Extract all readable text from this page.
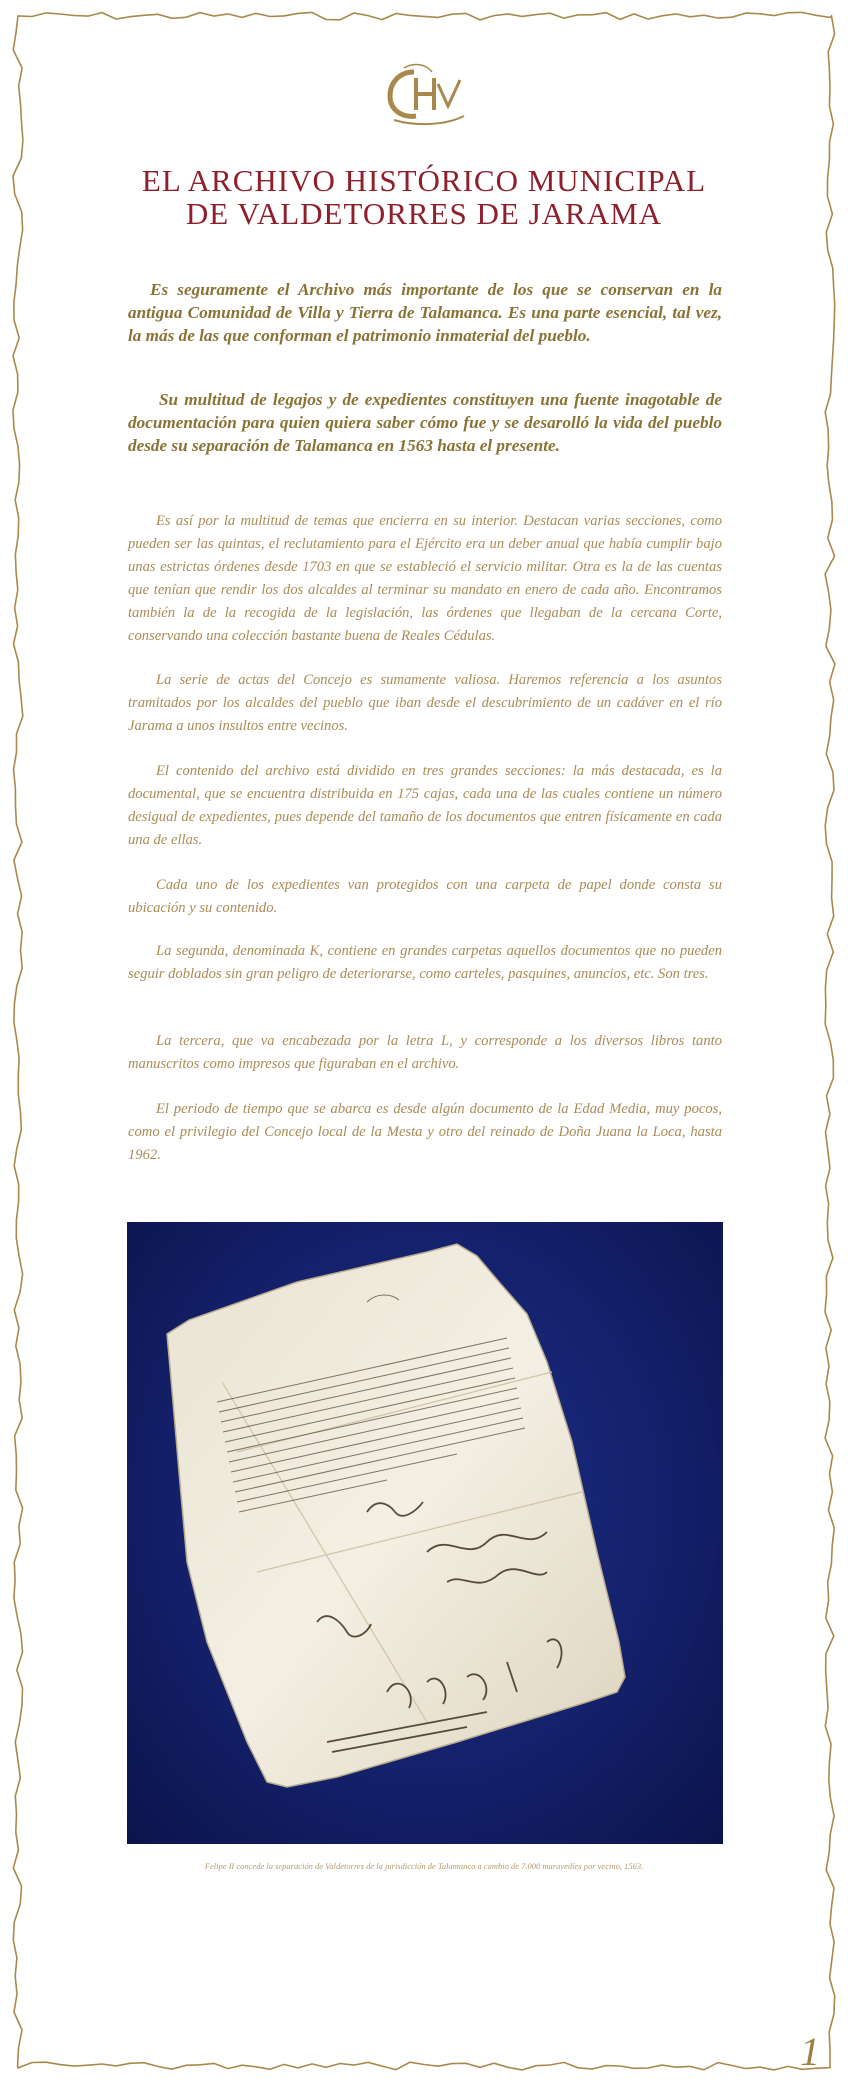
EL ARCHIVO HISTÓRICO MUNICIPAL
DE VALDETORRES DE JARAMA

Es seguramente el Archivo más importante de los que se conservan en la antigua Comunidad de Villa y Tierra de Talamanca. Es una parte esencial, tal vez, la más de las que conforman el patrimonio inmaterial del pueblo.

Su multitud de legajos y de expedientes constituyen una fuente inagotable de documentación para quien quiera saber cómo fue y se desarolló la vida del pueblo desde su separación de Talamanca en 1563 hasta el presente.

Es así por la multitud de temas que encierra en su interior. Destacan varias secciones, como pueden ser las quintas, el reclutamiento para el Ejército era un deber anual que había cumplir bajo unas estrictas órdenes desde 1703 en que se estableció el servicio militar. Otra es la de las cuentas que tenían que rendir los dos alcaldes al terminar su mandato en enero de cada año. Encontramos también la de la recogida de la legislación, las órdenes que llegaban de la cercana Corte, conservando una colección bastante buena de Reales Cédulas.

La serie de actas del Concejo es sumamente valiosa. Haremos referencia a los asuntos tramitados por los alcaldes del pueblo que iban desde el descubrimiento de un cadáver en el río Jarama a unos insultos entre vecinos.

El contenido del archivo está dividido en tres grandes secciones: la más destacada, es la documental, que se encuentra distribuida en 175 cajas, cada una de las cuales contiene un número desigual de expedientes, pues depende del tamaño de los documentos que entren físicamente en cada una de ellas.

Cada uno de los expedientes van protegidos con una carpeta de papel donde consta su ubicación y su contenido.

La segunda, denominada K, contiene en grandes carpetas aquellos documentos que no pueden seguir doblados sin gran peligro de deteriorarse, como carteles, pasquines, anuncios, etc. Son tres.

La tercera, que va encabezada por la letra L, y corresponde a los diversos libros tanto manuscritos como impresos que figuraban en el archivo.

El periodo de tiempo que se abarca es desde algún documento de la Edad Media, muy pocos, como el privilegio del Concejo local de la Mesta y otro del reinado de Doña Juana la Loca, hasta 1962.

Felipe II concede la separación de Valdetorres de la jurisdicción de Talamanca a cambio de 7.000 maravedíes por vecino, 1563.
1
